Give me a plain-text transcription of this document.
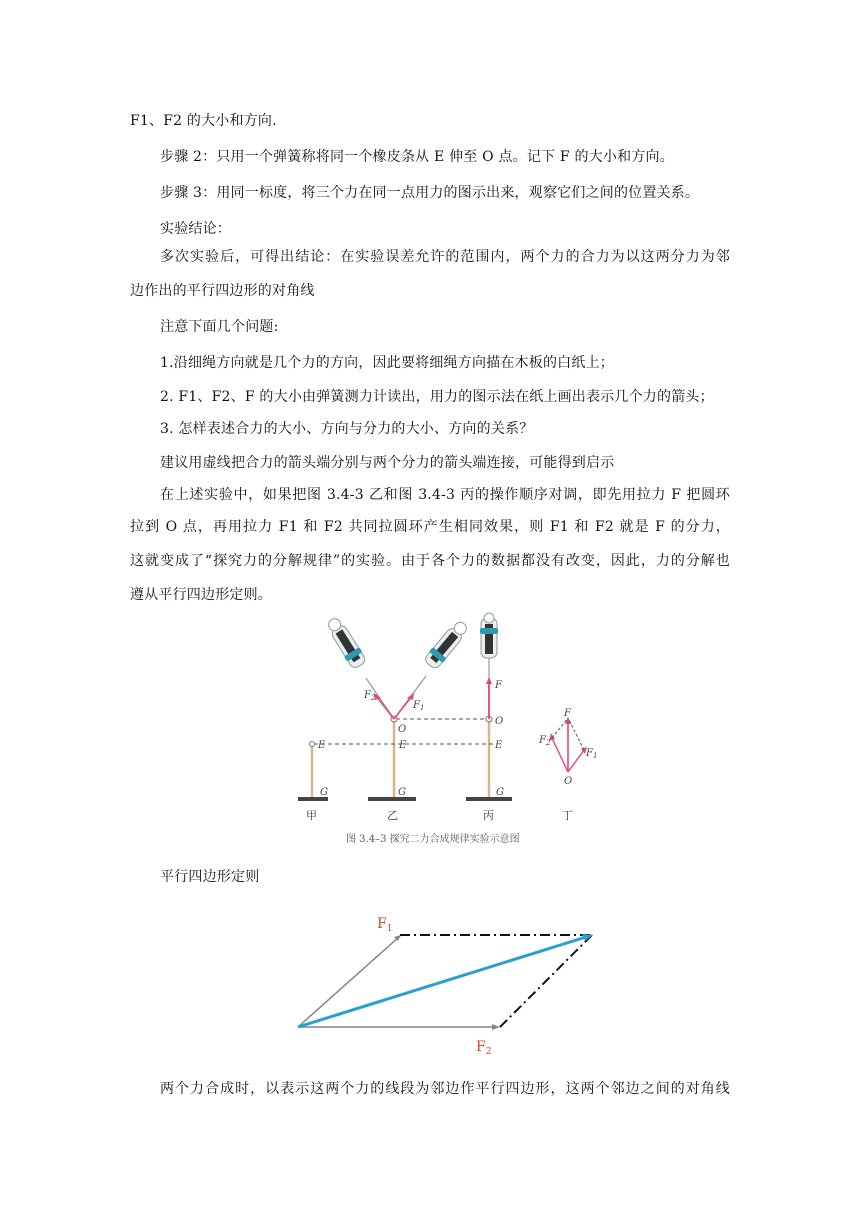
F1、F2 的大小和方向.
步骤 2：只用一个弹簧称将同一个橡皮条从 E 伸至 O 点。记下 F 的大小和方向。
步骤 3：用同一标度，将三个力在同一点用力的图示出来，观察它们之间的位置关系。
实验结论：
多次实验后，可得出结论：在实验误差允许的范围内，两个力的合力为以这两分力为邻
边作出的平行四边形的对角线
注意下面几个问题:
1.沿细绳方向就是几个力的方向，因此要将细绳方向描在木板的白纸上；
2. F1、F2、F 的大小由弹簧测力计读出，用力的图示法在纸上画出表示几个力的箭头；
3. 怎样表述合力的大小、方向与分力的大小、方向的关系？
建议用虚线把合力的箭头端分别与两个分力的箭头端连接，可能得到启示
在上述实验中，如果把图 3.4-3 乙和图 3.4-3 丙的操作顺序对调，即先用拉力 F 把圆环
拉到 O 点，再用拉力 F1 和 F2 共同拉圆环产生相同效果，则 F1 和 F2 就是 F 的分力，
这就变成了“探究力的分解规律”的实验。由于各个力的数据都没有改变，因此，力的分解也
遵从平行四边形定则。
G	G	G
E	E	E
O
O
$F_2$
$F_1$
F
F
$F_2$
$F_1$
O
甲	乙	丙	丁
图 3.4–3 探究二力合成规律实验示意图
平行四边形定则
$F_1$
$F_2$
两个力合成时，以表示这两个力的线段为邻边作平行四边形，这两个邻边之间的对角线
